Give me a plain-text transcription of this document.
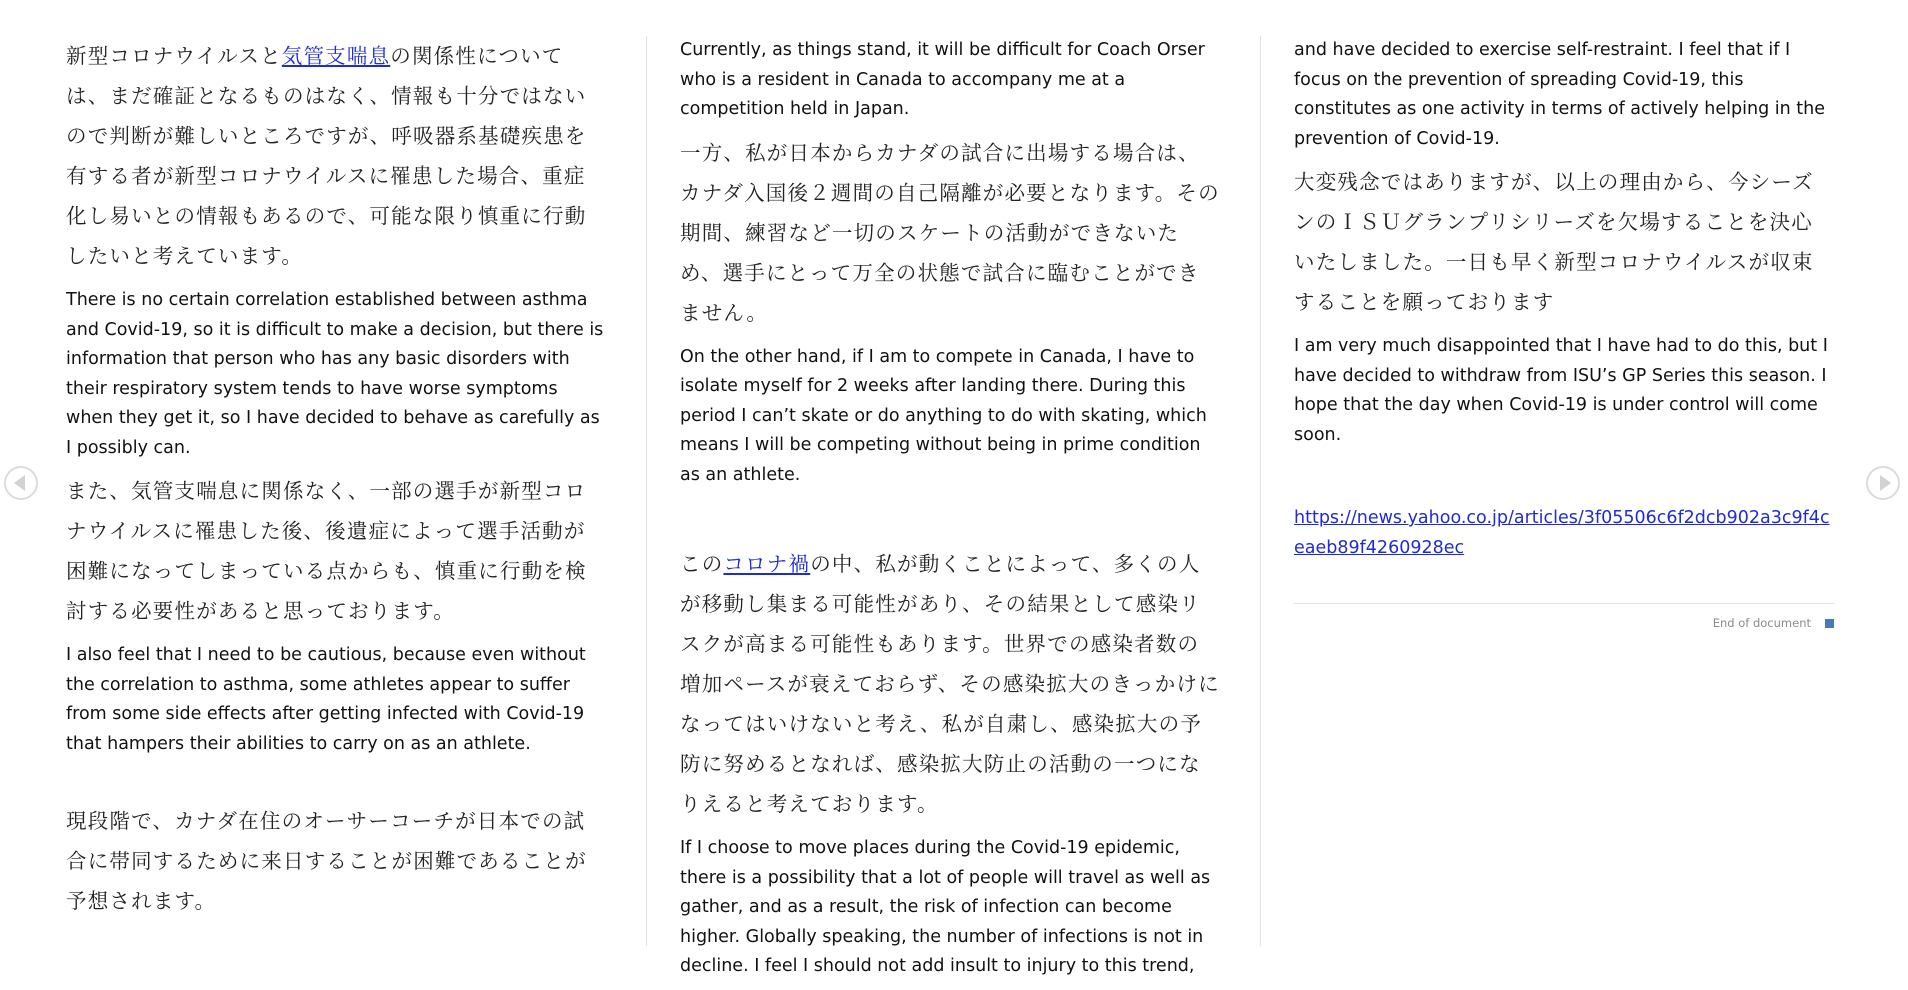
新型コロナウイルスと気管支喘息の関係性については、まだ確証となるものはなく、情報も十分ではないので判断が難しいところですが、呼吸器系基礎疾患を有する者が新型コロナウイルスに罹患した場合、重症化し易いとの情報もあるので、可能な限り慎重に行動したいと考えています。

There is no certain correlation established between asthma and Covid-19, so it is difficult to make a decision, but there is information that person who has any basic disorders with their respiratory system tends to have worse symptoms when they get it, so I have decided to behave as carefully as I possibly can.

また、気管支喘息に関係なく、一部の選手が新型コロナウイルスに罹患した後、後遺症によって選手活動が困難になってしまっている点からも、慎重に行動を検討する必要性があると思っております。

I also feel that I need to be cautious, because even without the correlation to asthma, some athletes appear to suffer from some side effects after getting infected with Covid-19 that hampers their abilities to carry on as an athlete.

現段階で、カナダ在住のオーサーコーチが日本での試合に帯同するために来日することが困難であることが予想されます。

Currently, as things stand, it will be difficult for Coach Orser who is a resident in Canada to accompany me at a competition held in Japan.

一方、私が日本からカナダの試合に出場する場合は、カナダ入国後２週間の自己隔離が必要となります。その期間、練習など一切のスケートの活動ができないため、選手にとって万全の状態で試合に臨むことができません。

On the other hand, if I am to compete in Canada, I have to isolate myself for 2 weeks after landing there. During this period I can’t skate or do anything to do with skating, which means I will be competing without being in prime condition as an athlete.

このコロナ禍の中、私が動くことによって、多くの人が移動し集まる可能性があり、その結果として感染リスクが高まる可能性もあります。世界での感染者数の増加ペースが衰えておらず、その感染拡大のきっかけになってはいけないと考え、私が自粛し、感染拡大の予防に努めるとなれば、感染拡大防止の活動の一つになりえると考えております。

If I choose to move places during the Covid-19 epidemic, there is a possibility that a lot of people will travel as well as gather, and as a result, the risk of infection can become higher. Globally speaking, the number of infections is not in decline. I feel I should not add insult to injury to this trend,

and have decided to exercise self-restraint. I feel that if I focus on the prevention of spreading Covid-19, this constitutes as one activity in terms of actively helping in the prevention of Covid-19.

大変残念ではありますが、以上の理由から、今シーズンのＩＳＵグランプリシリーズを欠場することを決心いたしました。一日も早く新型コロナウイルスが収束することを願っております

I am very much disappointed that I have had to do this, but I have decided to withdraw from ISU’s GP Series this season. I hope that the day when Covid-19 is under control will come soon.

https://news.yahoo.co.jp/articles/3f05506c6f2dcb902a3c9f4ceaeb89f4260928ec

End of document
